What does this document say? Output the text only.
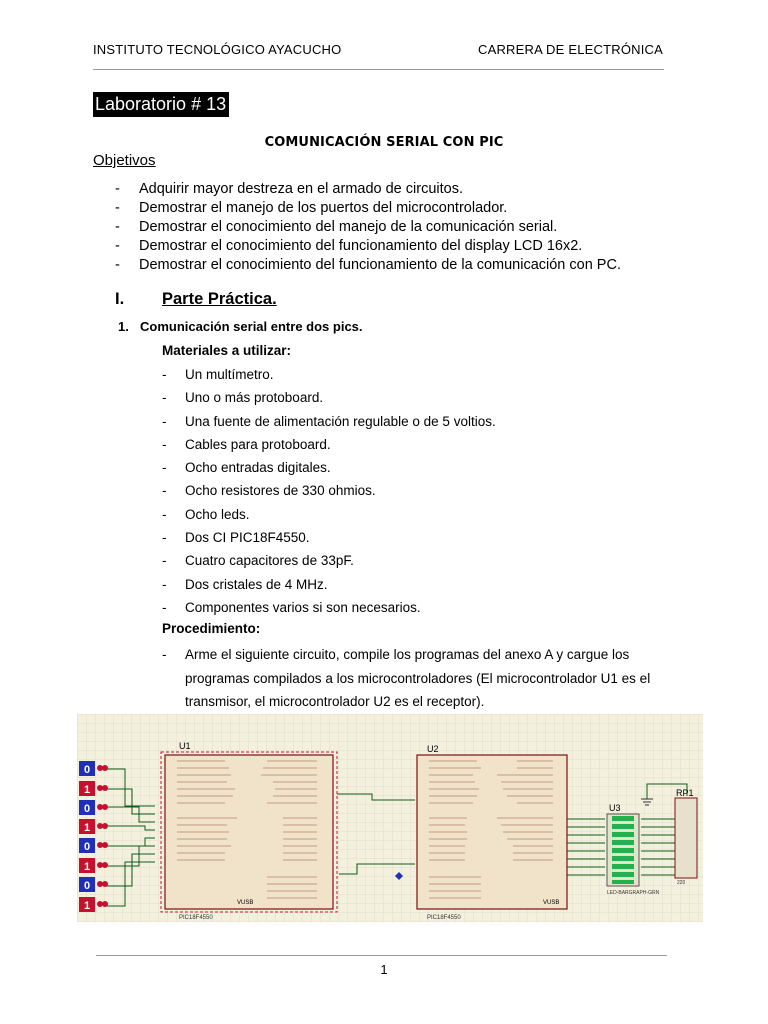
INSTITUTO TECNOLÓGICO AYACUCHO	CARRERA DE ELECTRÓNICA
Laboratorio # 13
COMUNICACIÓN SERIAL CON PIC
Objetivos
- Adquirir mayor destreza en el armado de circuitos.
- Demostrar el manejo de los puertos del microcontrolador.
- Demostrar el conocimiento del manejo de la comunicación serial.
- Demostrar el conocimiento del funcionamiento del display LCD 16x2.
- Demostrar el conocimiento del funcionamiento de la comunicación con PC.
I. Parte Práctica.
1. Comunicación serial entre dos pics.
Materiales a utilizar:
- Un multímetro.
- Uno o más protoboard.
- Una fuente de alimentación regulable o de 5 voltios.
- Cables para protoboard.
- Ocho entradas digitales.
- Ocho resistores de 330 ohmios.
- Ocho leds.
- Dos CI PIC18F4550.
- Cuatro capacitores de 33pF.
- Dos cristales de 4 MHz.
- Componentes varios si son necesarios.
Procedimiento:
- Arme el siguiente circuito, compile los programas del anexo A y cargue los programas compilados a los microcontroladores (El microcontrolador U1 es el transmisor, el microcontrolador U2 es el receptor).
0
1
0
1
0
1
0
1
U1
VUSB
PIC18F4550
U2
VUSB
PIC18F4550
U3
LED-BARGRAPH-GRN
RP1
220
1
